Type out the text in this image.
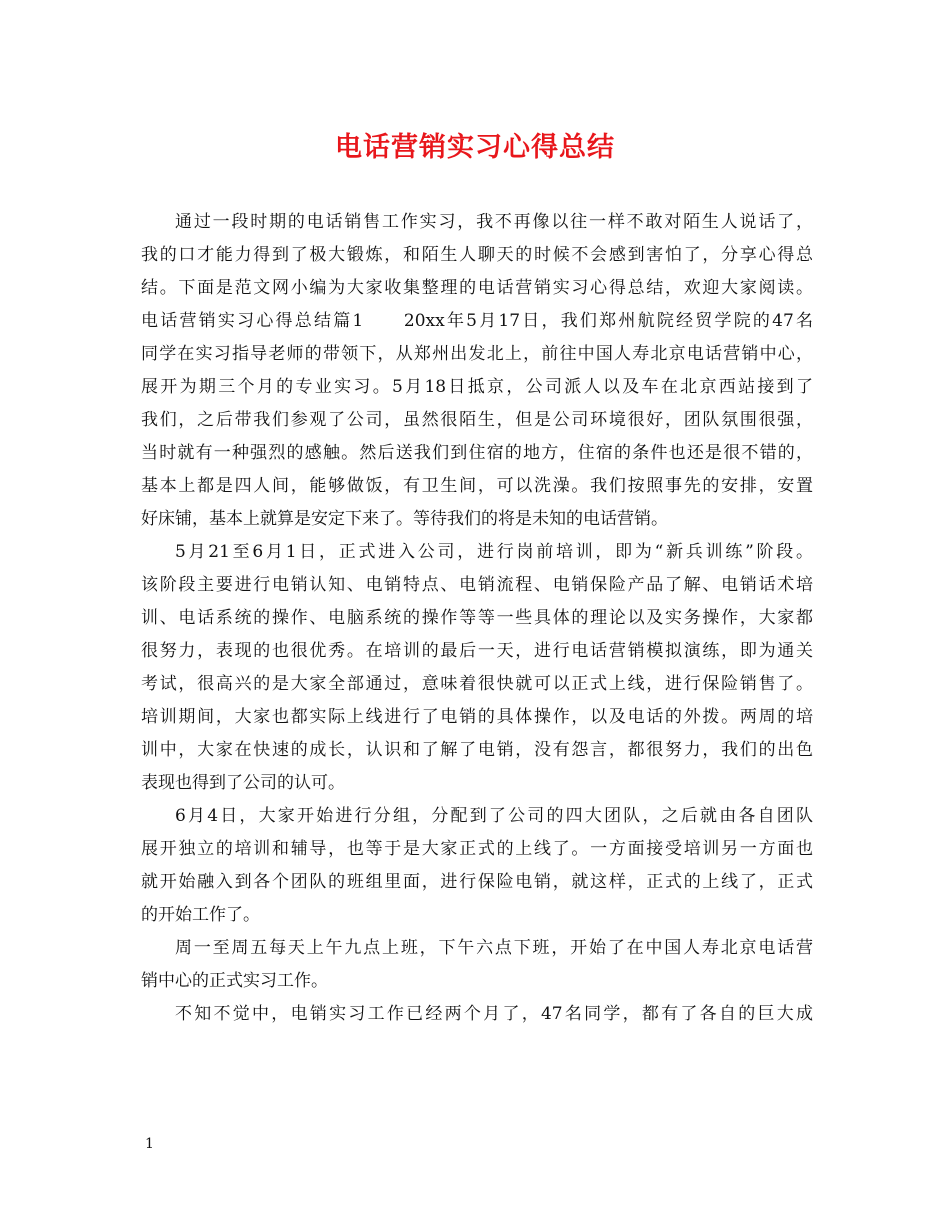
电话营销实习心得总结
通过一段时期的电话销售工作实习，我不再像以往一样不敢对陌生人说话了，
我的口才能力得到了极大锻炼，和陌生人聊天的时候不会感到害怕了，分享心得总
结。下面是范文网小编为大家收集整理的电话营销实习心得总结，欢迎大家阅读。
电话营销实习心得总结篇1　　20xx年5月17日，我们郑州航院经贸学院的47名
同学在实习指导老师的带领下，从郑州出发北上，前往中国人寿北京电话营销中心，
展开为期三个月的专业实习。5月18日抵京，公司派人以及车在北京西站接到了
我们，之后带我们参观了公司，虽然很陌生，但是公司环境很好，团队氛围很强，
当时就有一种强烈的感触。然后送我们到住宿的地方，住宿的条件也还是很不错的，
基本上都是四人间，能够做饭，有卫生间，可以洗澡。我们按照事先的安排，安置
好床铺，基本上就算是安定下来了。等待我们的将是未知的电话营销。
5月21至6月1日，正式进入公司，进行岗前培训，即为“新兵训练”阶段。
该阶段主要进行电销认知、电销特点、电销流程、电销保险产品了解、电销话术培
训、电话系统的操作、电脑系统的操作等等一些具体的理论以及实务操作，大家都
很努力，表现的也很优秀。在培训的最后一天，进行电话营销模拟演练，即为通关
考试，很高兴的是大家全部通过，意味着很快就可以正式上线，进行保险销售了。
培训期间，大家也都实际上线进行了电销的具体操作，以及电话的外拨。两周的培
训中，大家在快速的成长，认识和了解了电销，没有怨言，都很努力，我们的出色
表现也得到了公司的认可。
6月4日，大家开始进行分组，分配到了公司的四大团队，之后就由各自团队
展开独立的培训和辅导，也等于是大家正式的上线了。一方面接受培训另一方面也
就开始融入到各个团队的班组里面，进行保险电销，就这样，正式的上线了，正式
的开始工作了。
周一至周五每天上午九点上班，下午六点下班，开始了在中国人寿北京电话营
销中心的正式实习工作。
不知不觉中，电销实习工作已经两个月了，47名同学，都有了各自的巨大成
1
